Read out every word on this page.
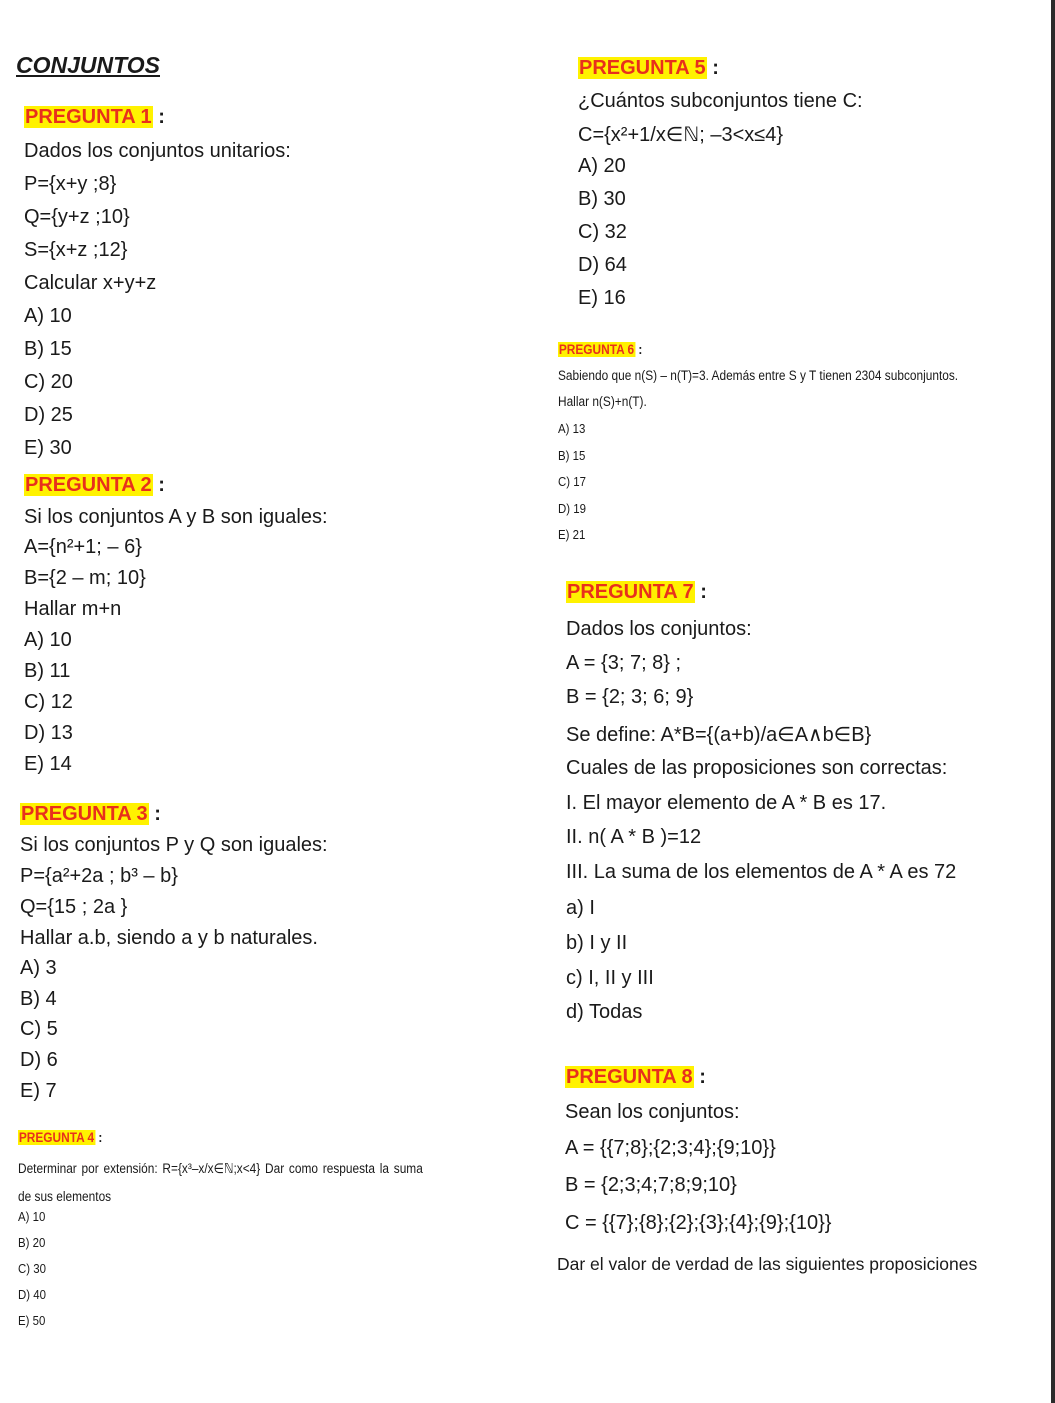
CONJUNTOS
PREGUNTA 1 :
Dados los conjuntos unitarios:
P={x+y ;8}
Q={y+z ;10}
S={x+z ;12}
Calcular x+y+z
A) 10
B) 15
C) 20
D) 25
E) 30
PREGUNTA 2 :
Si los conjuntos A y B son iguales:
A={n²+1; – 6}
B={2 – m; 10}
Hallar m+n
A) 10
B) 11
C) 12
D) 13
E) 14
PREGUNTA 3 :
Si los conjuntos P y Q son iguales:
P={a²+2a ; b³ – b}
Q={15 ; 2a }
Hallar a.b, siendo a y b naturales.
A) 3
B) 4
C) 5
D) 6
E) 7
PREGUNTA 4 :
Determinar por extensión: R={x³–x/x∈ℕ;x<4} Dar como respuesta la suma de sus elementos
A) 10
B) 20
C) 30
D) 40
E) 50
PREGUNTA 5 :
¿Cuántos subconjuntos tiene C:
C={x²+1/x∈ℕ; –3<x≤4}
A) 20
B) 30
C) 32
D) 64
E) 16
PREGUNTA 6 :
Sabiendo que n(S) – n(T)=3. Además entre S y T tienen 2304 subconjuntos.
Hallar n(S)+n(T).
A) 13
B) 15
C) 17
D) 19
E) 21
PREGUNTA 7 :
Dados los conjuntos:
A = {3; 7; 8} ;
B = {2; 3; 6; 9}
Se define: A*B={(a+b)/a∈A∧b∈B}
Cuales de las proposiciones son correctas:
I. El mayor elemento de A * B es 17.
II. n( A * B )=12
III. La suma de los elementos de A * A es 72
a) I
b) I y II
c) I, II y III
d) Todas
PREGUNTA 8 :
Sean los conjuntos:
A = {{7;8};{2;3;4};{9;10}}
B = {2;3;4;7;8;9;10}
C = {{7};{8};{2};{3};{4};{9};{10}}
Dar el valor de verdad de las siguientes proposiciones
